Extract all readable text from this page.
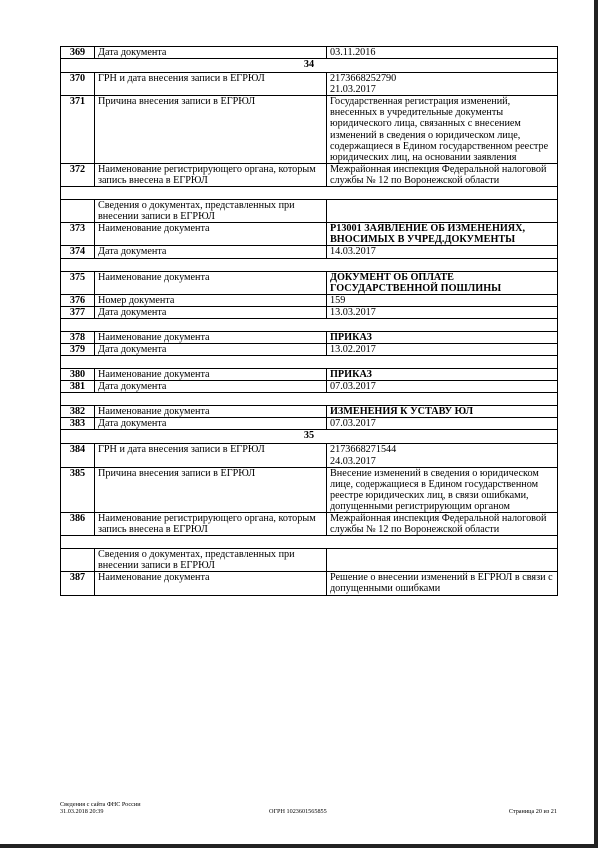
369	Дата документа	03.11.2016
34		
370	ГРН и дата внесения записи в ЕГРЮЛ	2173668252790
21.03.2017
371	Причина внесения записи в ЕГРЮЛ	Государственная регистрация изменений, внесенных в учредительные документы юридического лица, связанных с внесением изменений в сведения о юридическом лице, содержащиеся в Едином государственном реестре юридических лиц, на основании заявления
372	Наименование регистрирующего органа, которым запись внесена в ЕГРЮЛ	Межрайонная инспекция Федеральной налоговой службы № 12 по Воронежской области

	Сведения о документах, представленных при внесении записи в ЕГРЮЛ	
373	Наименование документа	Р13001 ЗАЯВЛЕНИЕ ОБ ИЗМЕНЕНИЯХ, ВНОСИМЫХ В УЧРЕД.ДОКУМЕНТЫ
374	Дата документа	14.03.2017

375	Наименование документа	ДОКУМЕНТ ОБ ОПЛАТЕ ГОСУДАРСТВЕННОЙ ПОШЛИНЫ
376	Номер документа	159
377	Дата документа	13.03.2017

378	Наименование документа	ПРИКАЗ
379	Дата документа	13.02.2017

380	Наименование документа	ПРИКАЗ
381	Дата документа	07.03.2017

382	Наименование документа	ИЗМЕНЕНИЯ К УСТАВУ ЮЛ
383	Дата документа	07.03.2017
35		
384	ГРН и дата внесения записи в ЕГРЮЛ	2173668271544
24.03.2017
385	Причина внесения записи в ЕГРЮЛ	Внесение изменений в сведения о юридическом лице, содержащиеся в Едином государственном реестре юридических лиц, в связи ошибками, допущенными регистрирующим органом
386	Наименование регистрирующего органа, которым запись внесена в ЕГРЮЛ	Межрайонная инспекция Федеральной налоговой службы № 12 по Воронежской области

	Сведения о документах, представленных при внесении записи в ЕГРЮЛ	
387	Наименование документа	Решение о внесении изменений в ЕГРЮЛ в связи с допущенными ошибками
Сведения с сайта ФНС России
31.03.2018 20:39	ОГРН 1023601565855	Страница 20 из 21
